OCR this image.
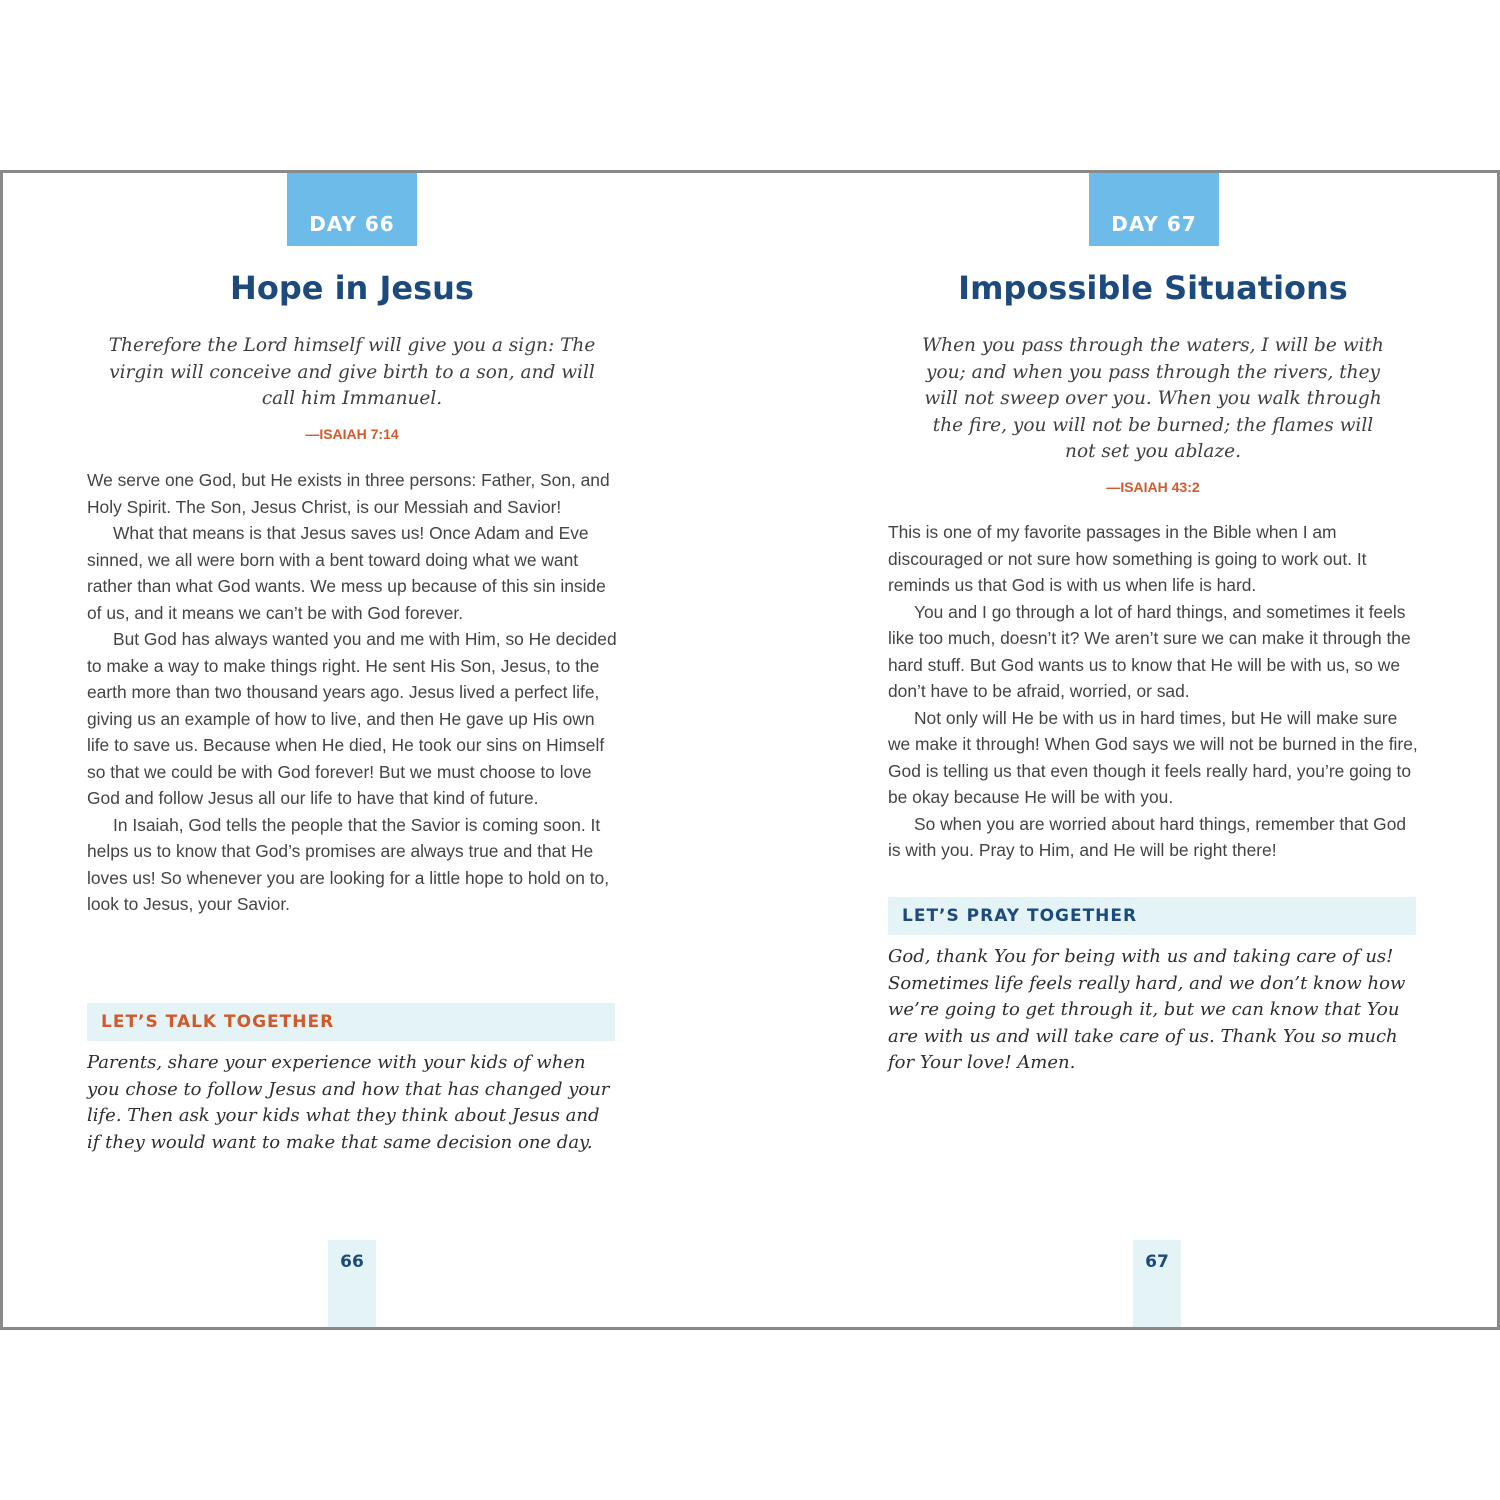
DAY 66
Hope in Jesus
Therefore the Lord himself will give you a sign: The virgin will conceive and give birth to a son, and will call him Immanuel.
—ISAIAH 7:14

We serve one God, but He exists in three persons: Father, Son, and Holy Spirit. The Son, Jesus Christ, is our Messiah and Savior!

What that means is that Jesus saves us! Once Adam and Eve sinned, we all were born with a bent toward doing what we want rather than what God wants. We mess up because of this sin inside of us, and it means we can’t be with God forever.

But God has always wanted you and me with Him, so He decided to make a way to make things right. He sent His Son, Jesus, to the earth more than two thousand years ago. Jesus lived a perfect life, giving us an example of how to live, and then He gave up His own life to save us. Because when He died, He took our sins on Himself so that we could be with God forever! But we must choose to love God and follow Jesus all our life to have that kind of future.

In Isaiah, God tells the people that the Savior is coming soon. It helps us to know that God’s promises are always true and that He loves us! So whenever you are looking for a little hope to hold on to, look to Jesus, your Savior.

LET’S TALK TOGETHER

Parents, share your experience with your kids of when you chose to follow Jesus and how that has changed your life. Then ask your kids what they think about Jesus and if they would want to make that same decision one day.

66
DAY 67
Impossible Situations
When you pass through the waters, I will be with you; and when you pass through the rivers, they will not sweep over you. When you walk through the fire, you will not be burned; the flames will not set you ablaze.
—ISAIAH 43:2

This is one of my favorite passages in the Bible when I am discouraged or not sure how something is going to work out. It reminds us that God is with us when life is hard.

You and I go through a lot of hard things, and sometimes it feels like too much, doesn’t it? We aren’t sure we can make it through the hard stuff. But God wants us to know that He will be with us, so we don’t have to be afraid, worried, or sad.

Not only will He be with us in hard times, but He will make sure we make it through! When God says we will not be burned in the fire, God is telling us that even though it feels really hard, you’re going to be okay because He will be with you.

So when you are worried about hard things, remember that God is with you. Pray to Him, and He will be right there!

LET’S PRAY TOGETHER

God, thank You for being with us and taking care of us! Sometimes life feels really hard, and we don’t know how we’re going to get through it, but we can know that You are with us and will take care of us. Thank You so much for Your love! Amen.

67
